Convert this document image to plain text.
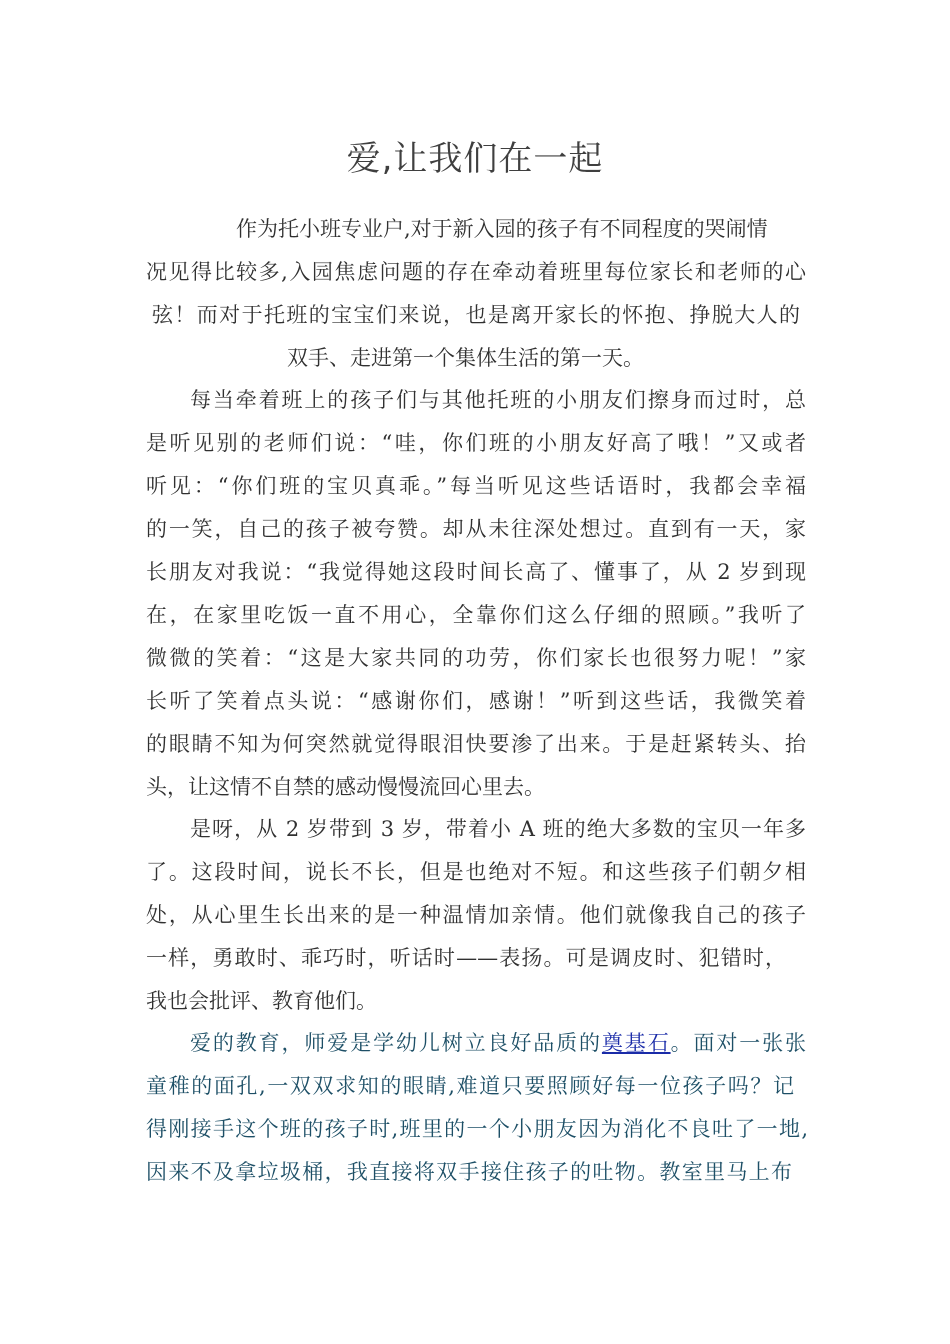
爱,让我们在一起
作为托小班专业户,对于新入园的孩子有不同程度的哭闹情
况见得比较多,入园焦虑问题的存在牵动着班里每位家长和老师的心
弦！而对于托班的宝宝们来说，也是离开家长的怀抱、挣脱大人的
双手、走进第一个集体生活的第一天。
每当牵着班上的孩子们与其他托班的小朋友们擦身而过时，总
是听见别的老师们说：“哇，你们班的小朋友好高了哦！”又或者
听见：“你们班的宝贝真乖。”每当听见这些话语时，我都会幸福
的一笑，自己的孩子被夸赞。却从未往深处想过。直到有一天，家
长朋友对我说：“我觉得她这段时间长高了、懂事了，从 2 岁到现
在，在家里吃饭一直不用心，全靠你们这么仔细的照顾。”我听了
微微的笑着：“这是大家共同的功劳，你们家长也很努力呢！”家
长听了笑着点头说：“感谢你们，感谢！”听到这些话，我微笑着
的眼睛不知为何突然就觉得眼泪快要渗了出来。于是赶紧转头、抬
头，让这情不自禁的感动慢慢流回心里去。
是呀，从 2 岁带到 3 岁，带着小 A 班的绝大多数的宝贝一年多
了。这段时间，说长不长，但是也绝对不短。和这些孩子们朝夕相
处，从心里生长出来的是一种温情加亲情。他们就像我自己的孩子
一样，勇敢时、乖巧时，听话时——表扬。可是调皮时、犯错时，
我也会批评、教育他们。
爱的教育，师爱是学幼儿树立良好品质的奠基石。面对一张张
童稚的面孔,一双双求知的眼睛,难道只要照顾好每一位孩子吗？记
得刚接手这个班的孩子时,班里的一个小朋友因为消化不良吐了一地,
因来不及拿垃圾桶，我直接将双手接住孩子的吐物。教室里马上布
